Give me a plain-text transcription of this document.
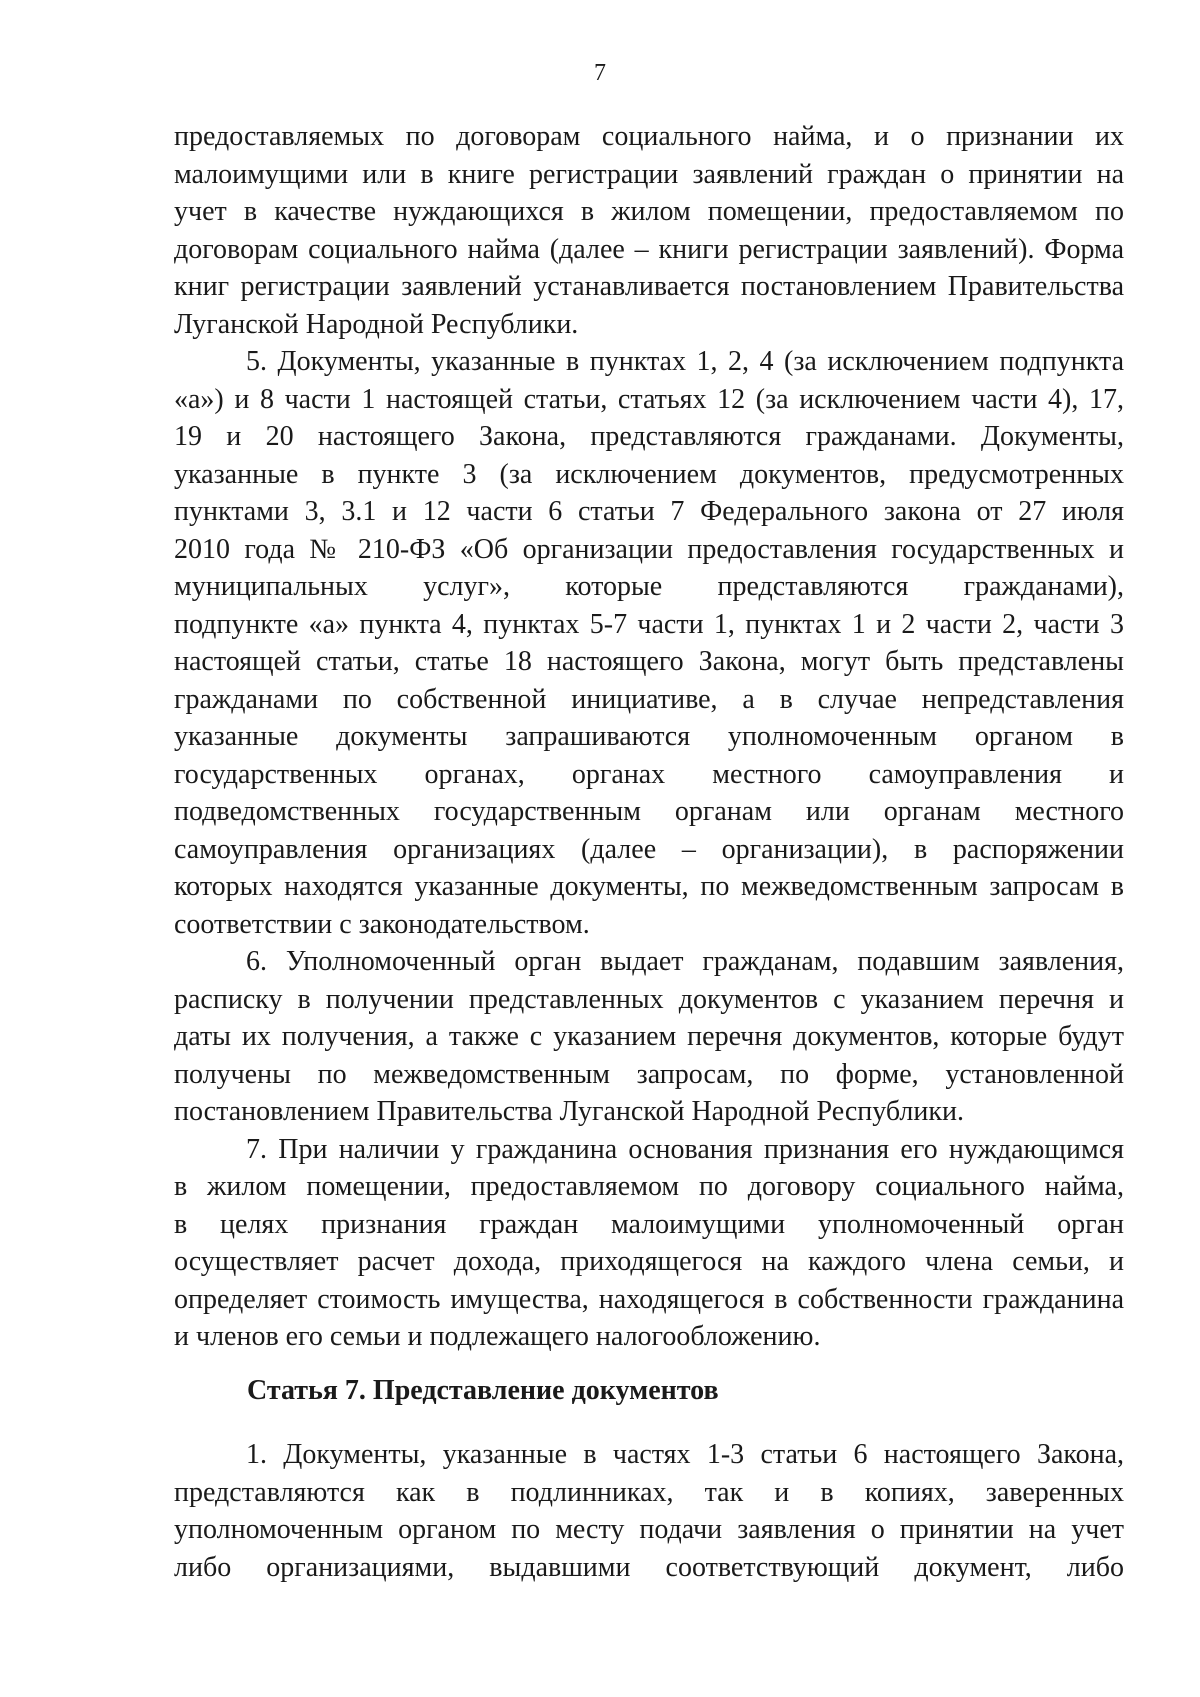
7
предоставляемых по договорам социального найма, и о признании их
малоимущими или в книге регистрации заявлений граждан о принятии на
учет в качестве нуждающихся в жилом помещении, предоставляемом по
договорам социального найма (далее – книги регистрации заявлений). Форма
книг регистрации заявлений устанавливается постановлением Правительства
Луганской Народной Республики.
5. Документы, указанные в пунктах 1, 2, 4 (за исключением подпункта
«а») и 8 части 1 настоящей статьи, статьях 12 (за исключением части 4), 17,
19 и 20 настоящего Закона, представляются гражданами. Документы,
указанные в пункте 3 (за исключением документов, предусмотренных
пунктами 3, 3.1 и 12 части 6 статьи 7 Федерального закона от 27 июля
2010 года № 210-ФЗ «Об организации предоставления государственных и
муниципальных услуг», которые представляются гражданами),
подпункте «а» пункта 4, пунктах 5-7 части 1, пунктах 1 и 2 части 2, части 3
настоящей статьи, статье 18 настоящего Закона, могут быть представлены
гражданами по собственной инициативе, а в случае непредставления
указанные документы запрашиваются уполномоченным органом в
государственных органах, органах местного самоуправления и
подведомственных государственным органам или органам местного
самоуправления организациях (далее – организации), в распоряжении
которых находятся указанные документы, по межведомственным запросам в
соответствии с законодательством.
6. Уполномоченный орган выдает гражданам, подавшим заявления,
расписку в получении представленных документов с указанием перечня и
даты их получения, а также с указанием перечня документов, которые будут
получены по межведомственным запросам, по форме, установленной
постановлением Правительства Луганской Народной Республики.
7. При наличии у гражданина основания признания его нуждающимся
в жилом помещении, предоставляемом по договору социального найма,
в целях признания граждан малоимущими уполномоченный орган
осуществляет расчет дохода, приходящегося на каждого члена семьи, и
определяет стоимость имущества, находящегося в собственности гражданина
и членов его семьи и подлежащего налогообложению.
Статья 7. Представление документов
1. Документы, указанные в частях 1-3 статьи 6 настоящего Закона,
представляются как в подлинниках, так и в копиях, заверенных
уполномоченным органом по месту подачи заявления о принятии на учет
либо организациями, выдавшими соответствующий документ, либо
